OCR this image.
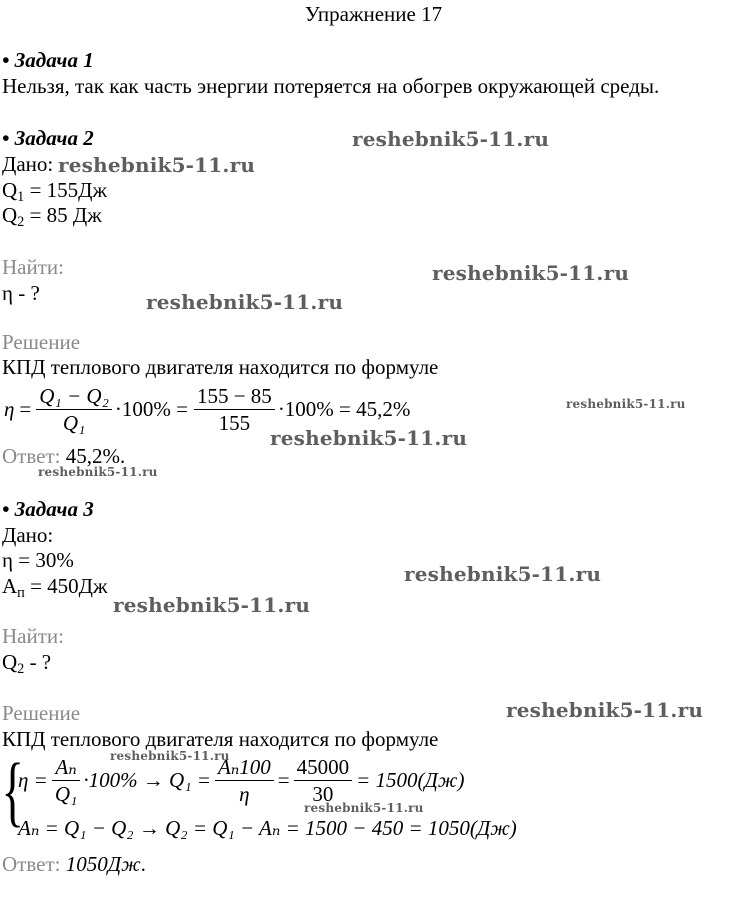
Упражнение 17
• Задача 1
Нельзя, так как часть энергии потеряется на обогрев окружающей среды.
• Задача 2
Дано:
$Q_1 = 155Дж$
$Q_2 = 85$ Дж
Найти:
η - ?
Решение
КПД теплового двигателя находится по формуле
$\eta = \frac{\text{Q₁ − Q₂}}{\text{Q₁}} \cdot 100\% = \frac{155 - 85}{155} \cdot 100\% = 45,2\%$
Ответ: 45,2%.
• Задача 3
Дано:
η = 30%
$А_п = 450Дж$
Найти:
$Q_2$ - ?
Решение
КПД теплового двигателя находится по формуле
{
$\eta = \frac{\text{Aₙ}}{\text{Q₁}} \cdot 100\% \to Q_1 = \frac{\text{Aₙ100}}{\eta} = \frac{45000}{30} = 1500(Дж)$
Aₙ = Q₁ − Q₂ → Q₂ = Q₁ − Aₙ = 1500 − 450 = 1050(Дж)
Ответ: 1050Дж.
reshebnik5-11.ru
reshebnik5-11.ru
reshebnik5-11.ru
reshebnik5-11.ru
reshebnik5-11.ru
reshebnik5-11.ru
reshebnik5-11.ru
reshebnik5-11.ru
reshebnik5-11.ru
reshebnik5-11.ru
reshebnik5-11.ru
reshebnik5-11.ru
